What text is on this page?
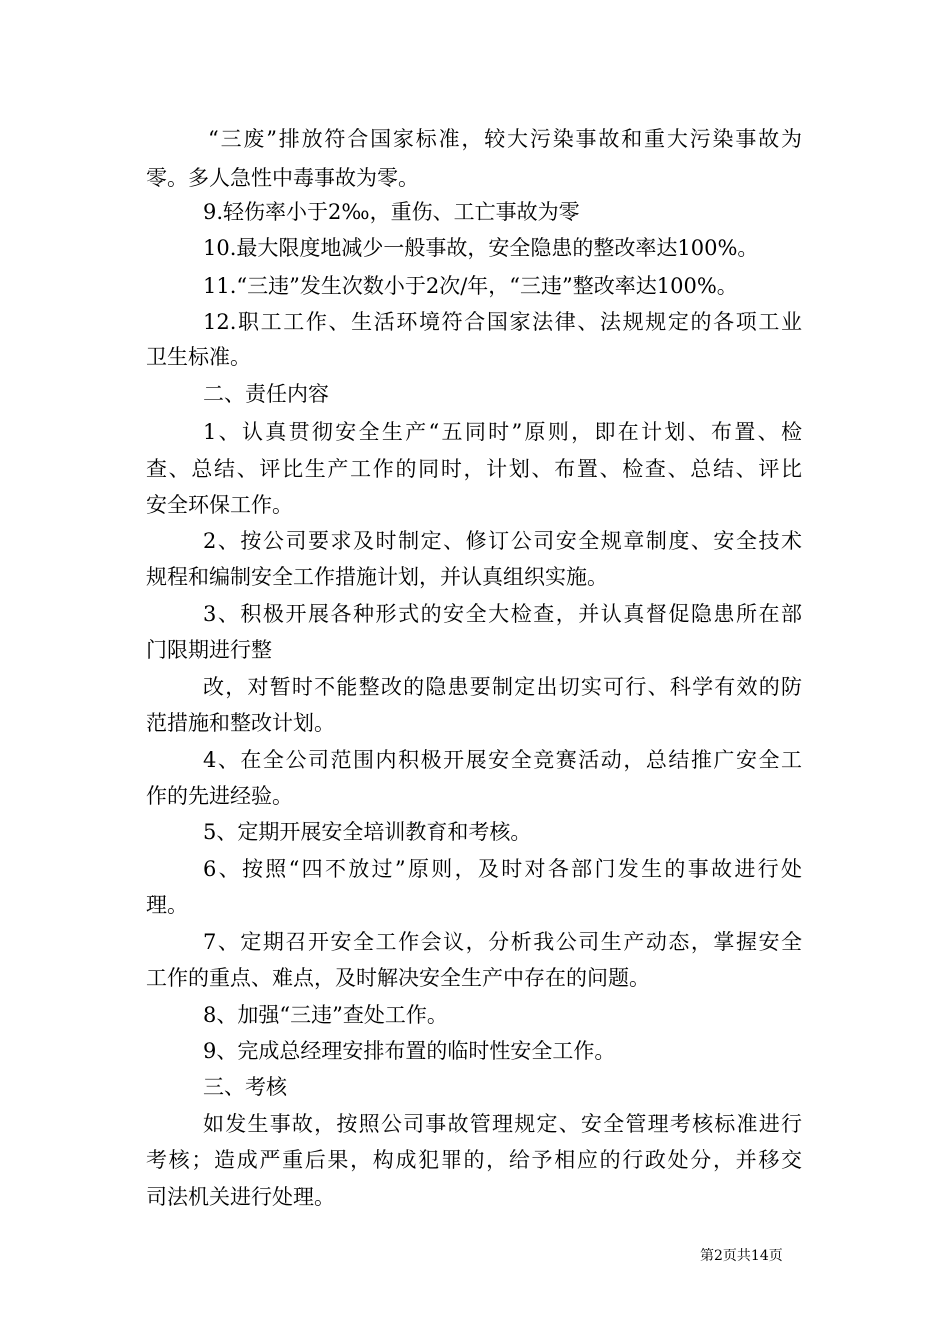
“三废”排放符合国家标准，较大污染事故和重大污染事故为
零。多人急性中毒事故为零。
9.轻伤率小于2‰，重伤、工亡事故为零
10.最大限度地减少一般事故，安全隐患的整改率达100%。
11.“三违”发生次数小于2次/年，“三违”整改率达100%。
12.职工工作、生活环境符合国家法律、法规规定的各项工业
卫生标准。
二、责任内容
1、认真贯彻安全生产“五同时”原则，即在计划、布置、检
查、总结、评比生产工作的同时，计划、布置、检查、总结、评比
安全环保工作。
2、按公司要求及时制定、修订公司安全规章制度、安全技术
规程和编制安全工作措施计划，并认真组织实施。
3、积极开展各种形式的安全大检查，并认真督促隐患所在部
门限期进行整
改，对暂时不能整改的隐患要制定出切实可行、科学有效的防
范措施和整改计划。
4、在全公司范围内积极开展安全竞赛活动，总结推广安全工
作的先进经验。
5、定期开展安全培训教育和考核。
6、按照“四不放过”原则，及时对各部门发生的事故进行处
理。
7、定期召开安全工作会议，分析我公司生产动态，掌握安全
工作的重点、难点，及时解决安全生产中存在的问题。
8、加强“三违”查处工作。
9、完成总经理安排布置的临时性安全工作。
三、考核
如发生事故，按照公司事故管理规定、安全管理考核标准进行
考核；造成严重后果，构成犯罪的，给予相应的行政处分，并移交
司法机关进行处理。
第2页共14页
